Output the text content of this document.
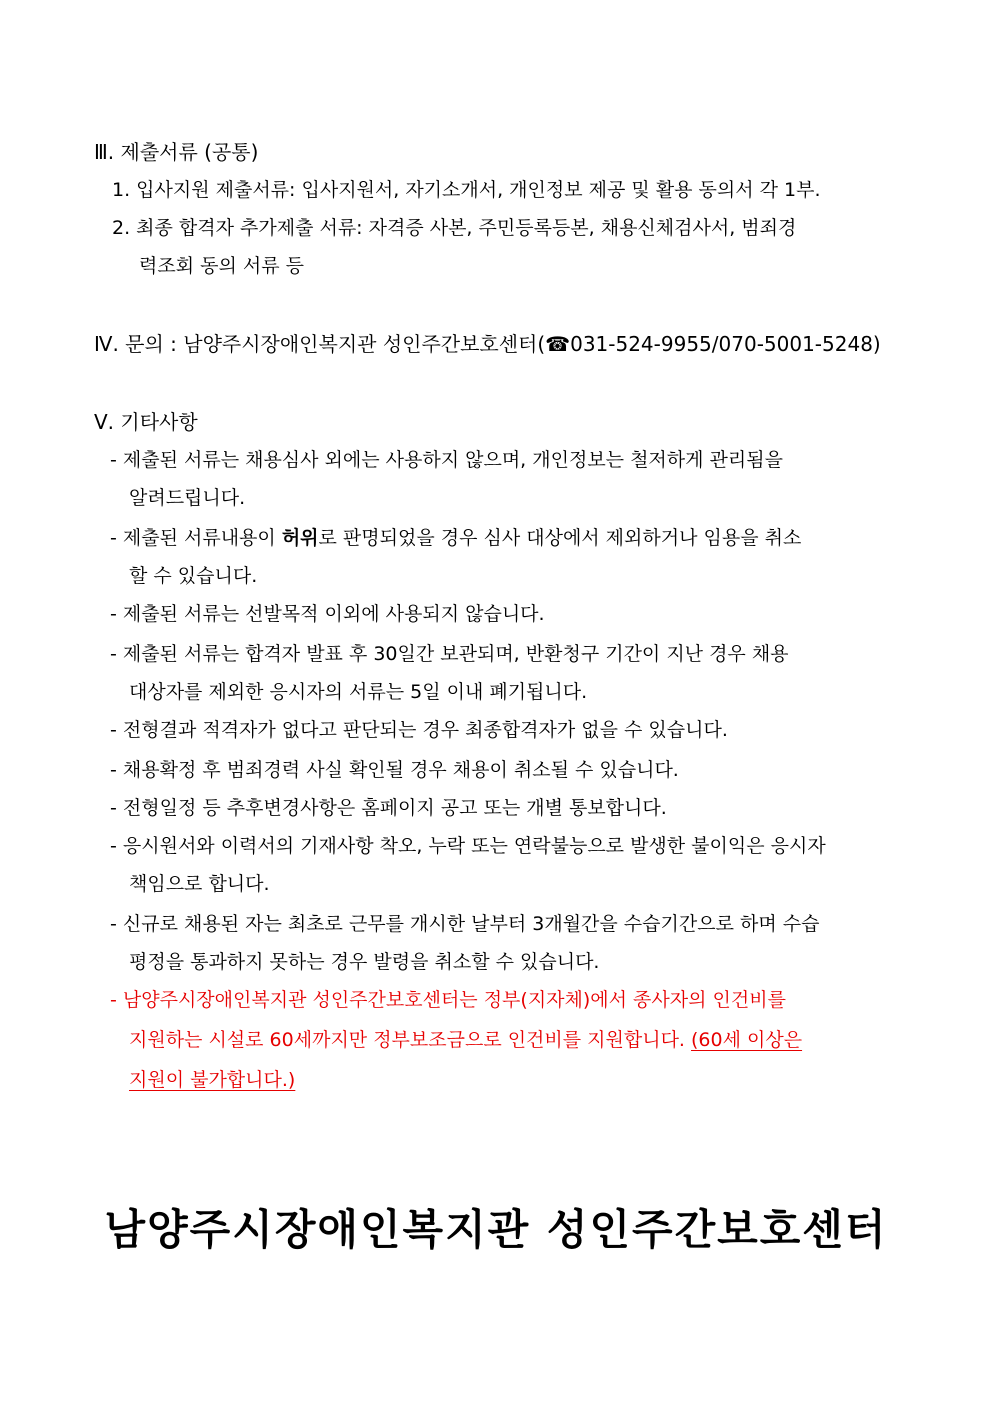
Ⅲ. 제출서류 (공통)
1. 입사지원 제출서류: 입사지원서, 자기소개서, 개인정보 제공 및 활용 동의서 각 1부.
2. 최종 합격자 추가제출 서류: 자격증 사본, 주민등록등본, 채용신체검사서, 범죄경
력조회 동의 서류 등
Ⅳ. 문의 : 남양주시장애인복지관 성인주간보호센터(☎031-524-9955/070-5001-5248)
Ⅴ. 기타사항
- 제출된 서류는 채용심사 외에는 사용하지 않으며, 개인정보는 철저하게 관리됨을
알려드립니다.
- 제출된 서류내용이 허위로 판명되었을 경우 심사 대상에서 제외하거나 임용을 취소
할 수 있습니다.
- 제출된 서류는 선발목적 이외에 사용되지 않습니다.
- 제출된 서류는 합격자 발표 후 30일간 보관되며, 반환청구 기간이 지난 경우 채용
대상자를 제외한 응시자의 서류는 5일 이내 폐기됩니다.
- 전형결과 적격자가 없다고 판단되는 경우 최종합격자가 없을 수 있습니다.
- 채용확정 후 범죄경력 사실 확인될 경우 채용이 취소될 수 있습니다.
- 전형일정 등 추후변경사항은 홈페이지 공고 또는 개별 통보합니다.
- 응시원서와 이력서의 기재사항 착오, 누락 또는 연락불능으로 발생한 불이익은 응시자
책임으로 합니다.
- 신규로 채용된 자는 최초로 근무를 개시한 날부터 3개월간을 수습기간으로 하며 수습
평정을 통과하지 못하는 경우 발령을 취소할 수 있습니다.
- 남양주시장애인복지관 성인주간보호센터는 정부(지자체)에서 종사자의 인건비를
지원하는 시설로 60세까지만 정부보조금으로 인건비를 지원합니다. (60세 이상은
지원이 불가합니다.)
남양주시장애인복지관 성인주간보호센터
